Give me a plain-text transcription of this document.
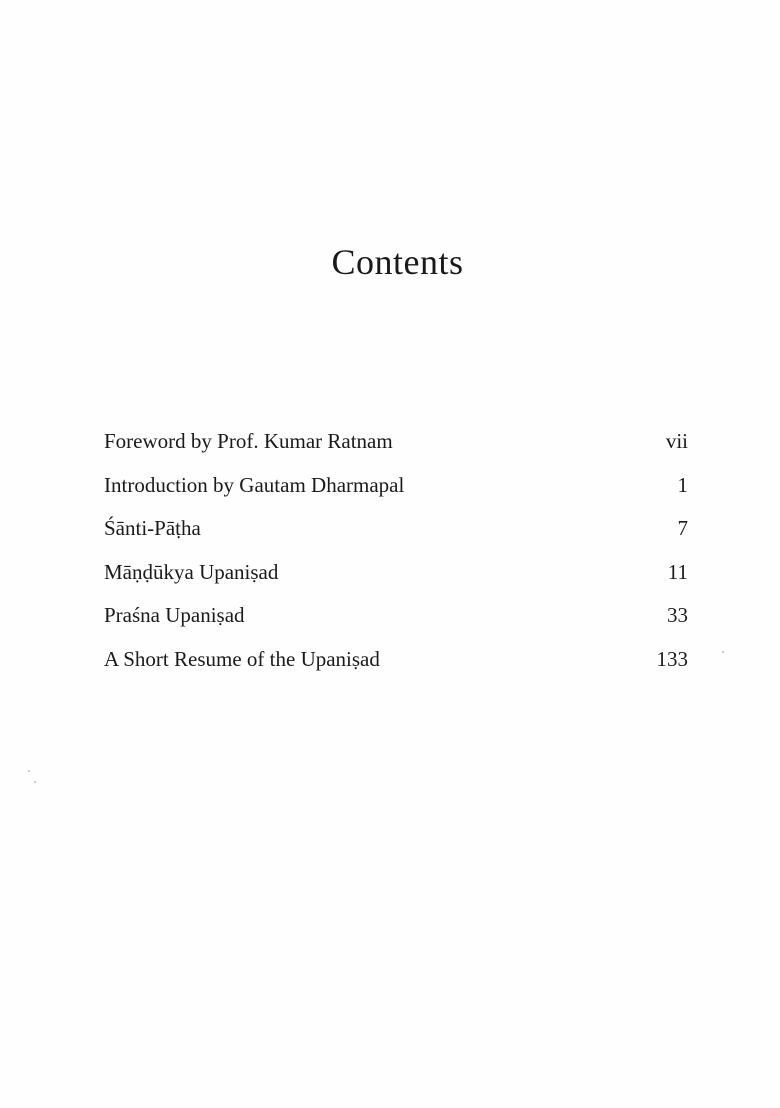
Contents
Foreword by Prof. Kumar Ratnam	vii
Introduction by Gautam Dharmapal	1
Śānti-Pāṭha	7
Māṇḍūkya Upaniṣad	11
Praśna Upaniṣad	33
A Short Resume of the Upaniṣad	133
